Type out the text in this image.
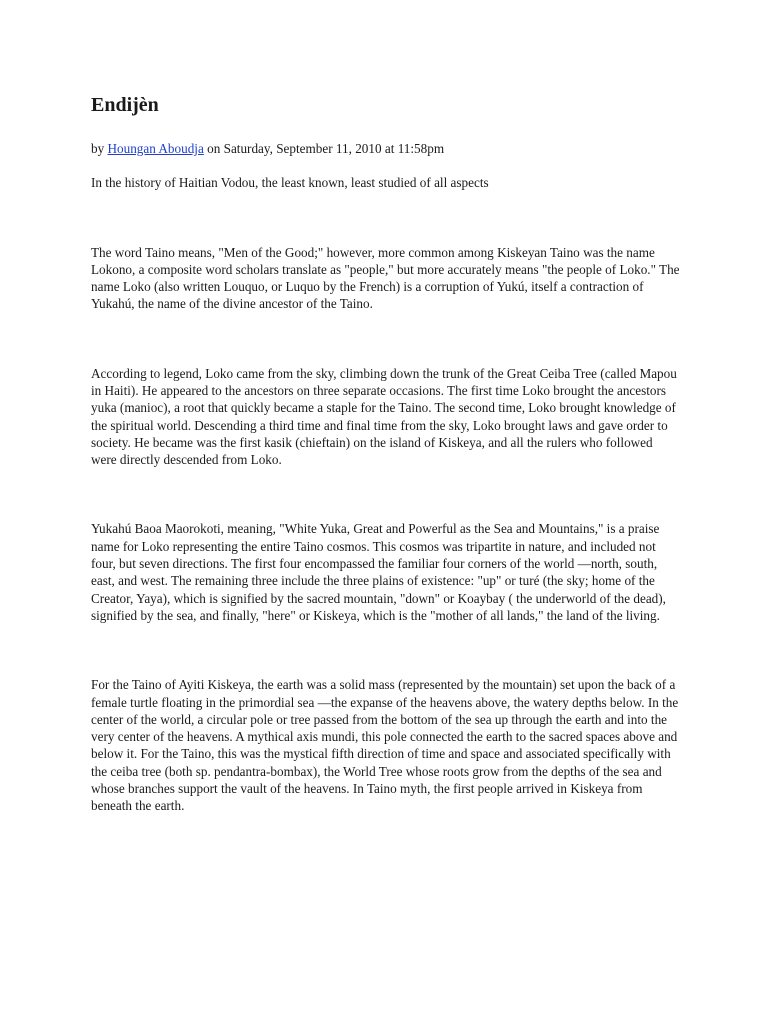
Endijèn

by Houngan Aboudja on Saturday, September 11, 2010 at 11:58pm

In the history of Haitian Vodou, the least known, least studied of all aspects

The word Taino means, "Men of the Good;" however, more common among Kiskeyan Taino was the name Lokono, a composite word scholars translate as "people," but more accurately means "the people of Loko." The name Loko (also written Louquo, or Luquo by the French) is a corruption of Yukú, itself a contraction of Yukahú, the name of the divine ancestor of the Taino.

According to legend, Loko came from the sky, climbing down the trunk of the Great Ceiba Tree (called Mapou in Haiti). He appeared to the ancestors on three separate occasions. The first time Loko brought the ancestors yuka (manioc), a root that quickly became a staple for the Taino. The second time, Loko brought knowledge of the spiritual world. Descending a third time and final time from the sky, Loko brought laws and gave order to society. He became was the first kasik (chieftain) on the island of Kiskeya, and all the rulers who followed were directly descended from Loko.

Yukahú Baoa Maorokoti, meaning, "White Yuka, Great and Powerful as the Sea and Mountains," is a praise name for Loko representing the entire Taino cosmos. This cosmos was tripartite in nature, and included not four, but seven directions. The first four encompassed the familiar four corners of the world —north, south, east, and west. The remaining three include the three plains of existence: "up" or turé (the sky; home of the Creator, Yaya), which is signified by the sacred mountain, "down" or Koaybay ( the underworld of the dead), signified by the sea, and finally, "here" or Kiskeya, which is the "mother of all lands," the land of the living.

For the Taino of Ayiti Kiskeya, the earth was a solid mass (represented by the mountain) set upon the back of a female turtle floating in the primordial sea —the expanse of the heavens above, the watery depths below. In the center of the world, a circular pole or tree passed from the bottom of the sea up through the earth and into the very center of the heavens. A mythical axis mundi, this pole connected the earth to the sacred spaces above and below it. For the Taino, this was the mystical fifth direction of time and space and associated specifically with the ceiba tree (both sp. pendantra-bombax), the World Tree whose roots grow from the depths of the sea and whose branches support the vault of the heavens. In Taino myth, the first people arrived in Kiskeya from beneath the earth.
